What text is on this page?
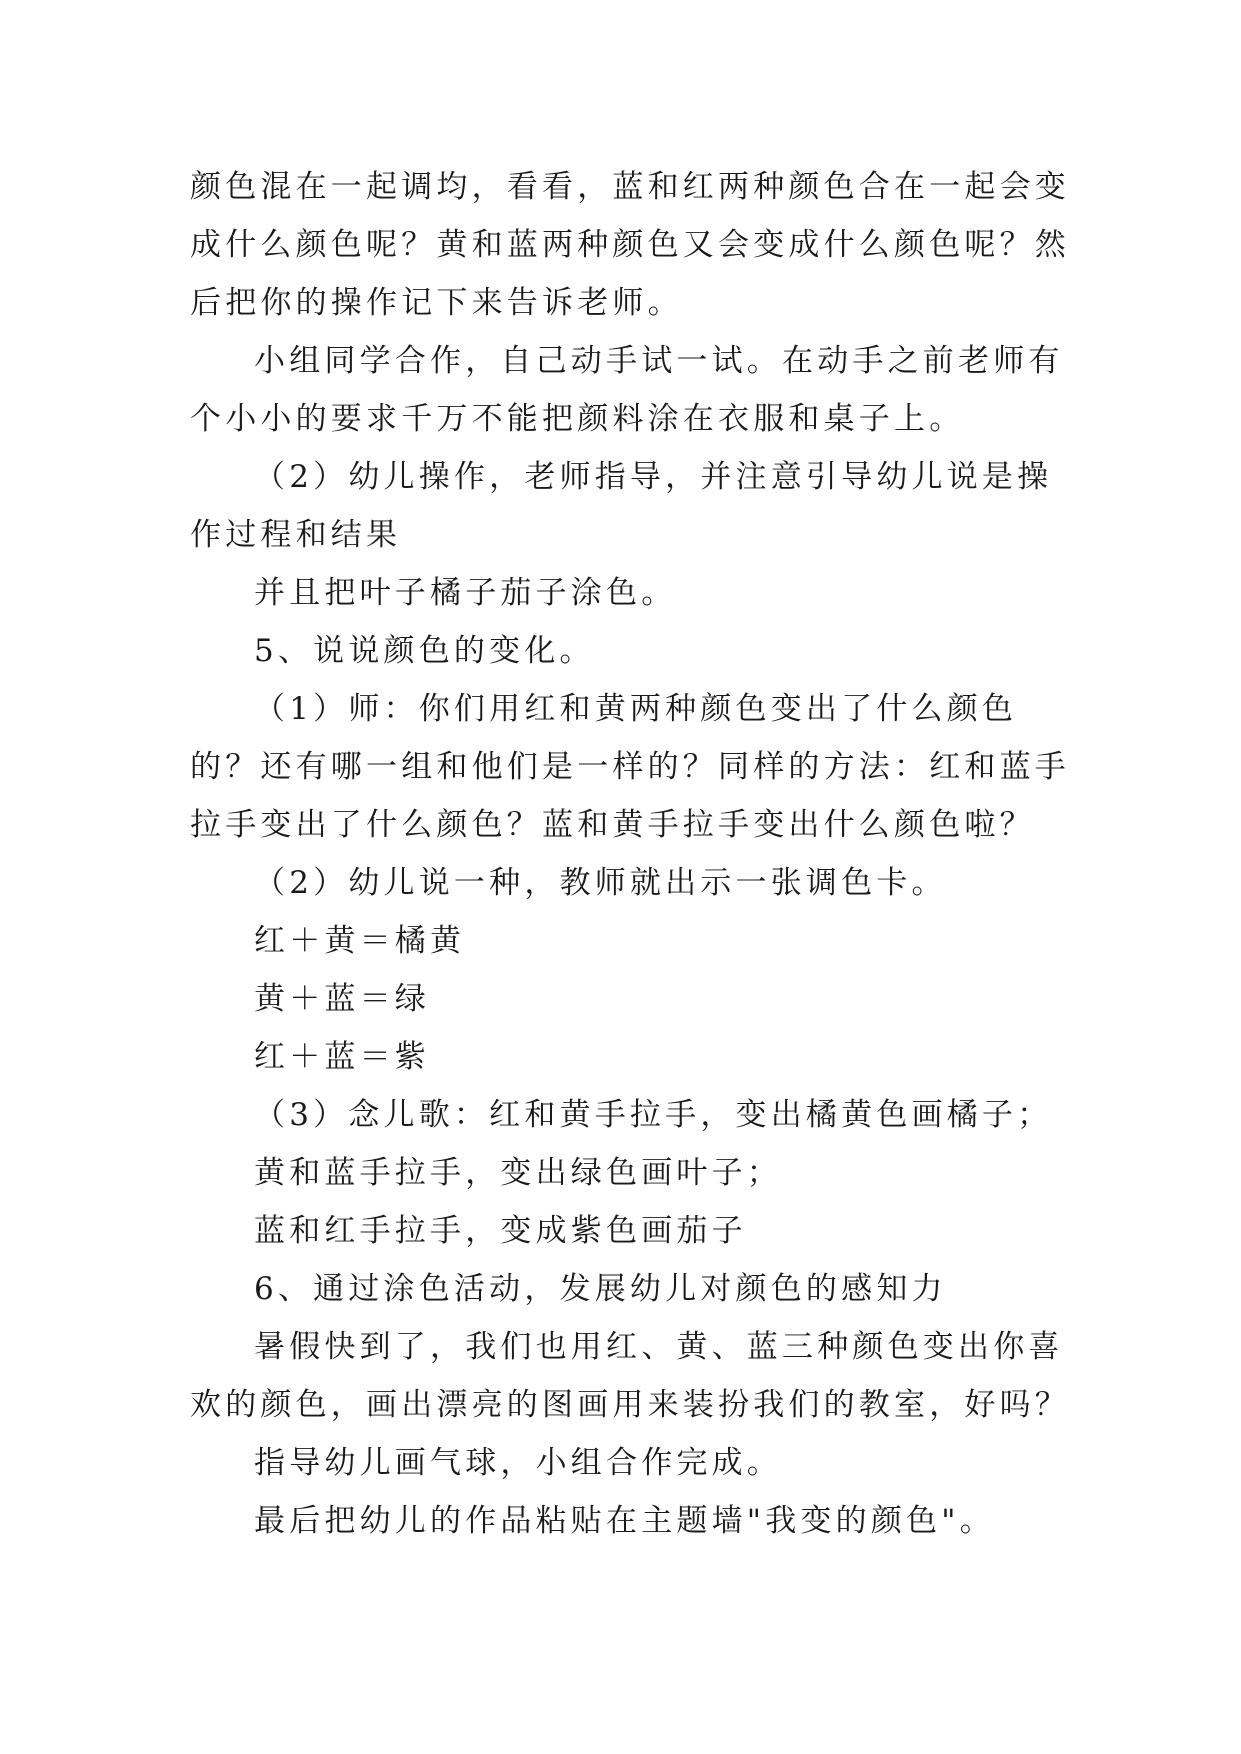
颜色混在一起调均，看看，蓝和红两种颜色合在一起会变成什么颜色呢？黄和蓝两种颜色又会变成什么颜色呢？然后把你的操作记下来告诉老师。

小组同学合作，自己动手试一试。在动手之前老师有个小小的要求千万不能把颜料涂在衣服和桌子上。

（2）幼儿操作，老师指导，并注意引导幼儿说是操作过程和结果

并且把叶子橘子茄子涂色。

5、说说颜色的变化。

（1）师：你们用红和黄两种颜色变出了什么颜色的？还有哪一组和他们是一样的？同样的方法：红和蓝手拉手变出了什么颜色？蓝和黄手拉手变出什么颜色啦？

（2）幼儿说一种，教师就出示一张调色卡。

红＋黄＝橘黄

黄＋蓝＝绿

红＋蓝＝紫

（3）念儿歌：红和黄手拉手，变出橘黄色画橘子；

黄和蓝手拉手，变出绿色画叶子；

蓝和红手拉手，变成紫色画茄子

6、通过涂色活动，发展幼儿对颜色的感知力

暑假快到了，我们也用红、黄、蓝三种颜色变出你喜欢的颜色，画出漂亮的图画用来装扮我们的教室，好吗？

指导幼儿画气球，小组合作完成。

最后把幼儿的作品粘贴在主题墙"我变的颜色"。
